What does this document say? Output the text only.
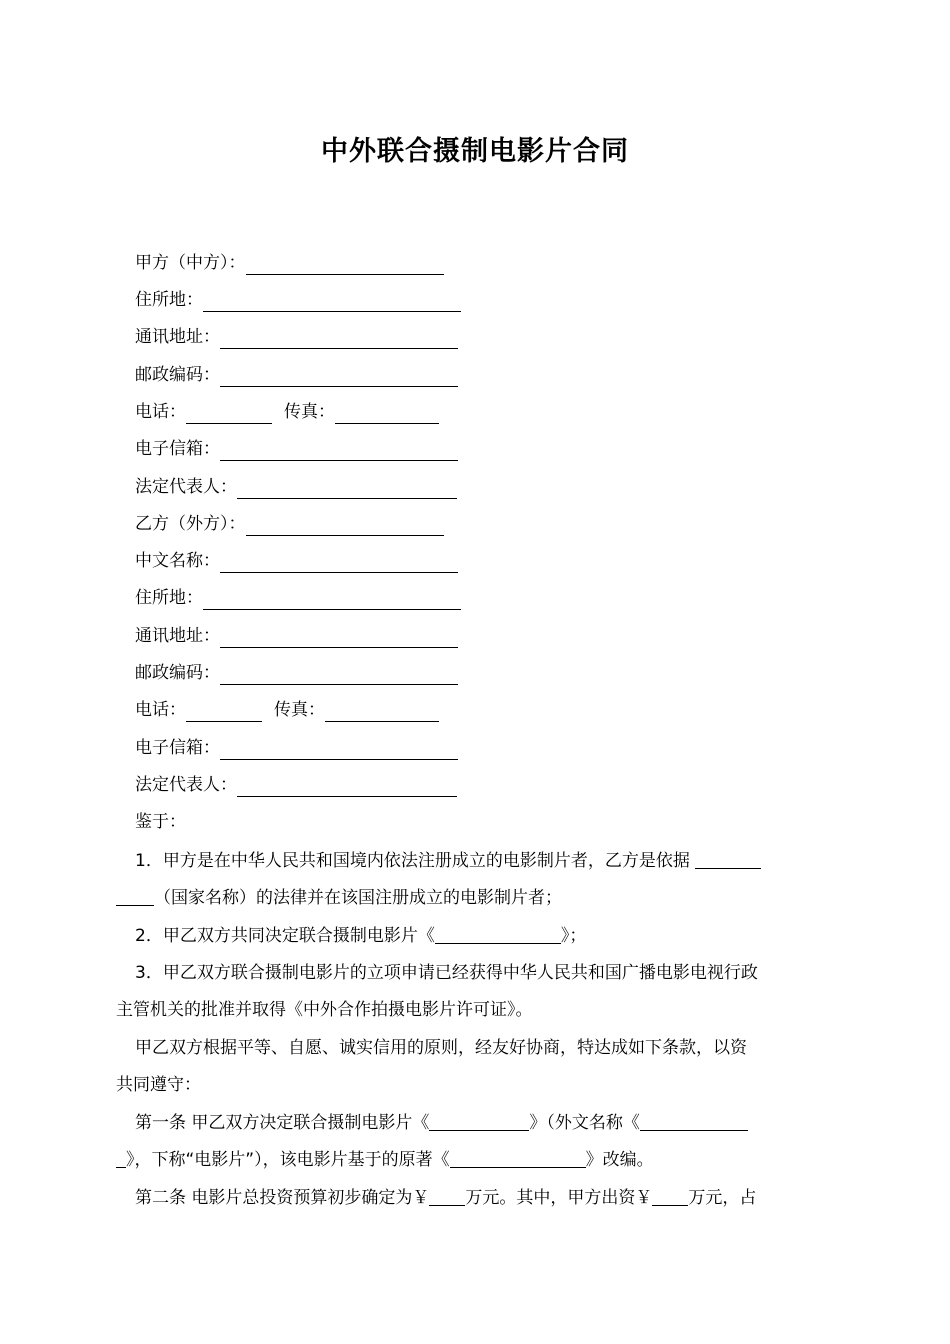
中外联合摄制电影片合同
甲方（中方）：
住所地：
通讯地址：
邮政编码：
电话：	传真：
电子信箱：
法定代表人：
乙方（外方）：
中文名称：
住所地：
通讯地址：
邮政编码：
电话：	传真：
电子信箱：
法定代表人：
鉴于：
1．甲方是在中华人民共和国境内依法注册成立的电影制片者，乙方是依据
（国家名称）的法律并在该国注册成立的电影制片者；
2．甲乙双方共同决定联合摄制电影片《	》；
3．甲乙双方联合摄制电影片的立项申请已经获得中华人民共和国广播电影电视行政
主管机关的批准并取得《中外合作拍摄电影片许可证》。
甲乙双方根据平等、自愿、诚实信用的原则，经友好协商，特达成如下条款，以资
共同遵守：
第一条 甲乙双方决定联合摄制电影片《	》（外文名称《
》，下称“电影片”），该电影片基于的原著《	》改编。
第二条 电影片总投资预算初步确定为￥ 万元。其中，甲方出资￥ 万元，占
